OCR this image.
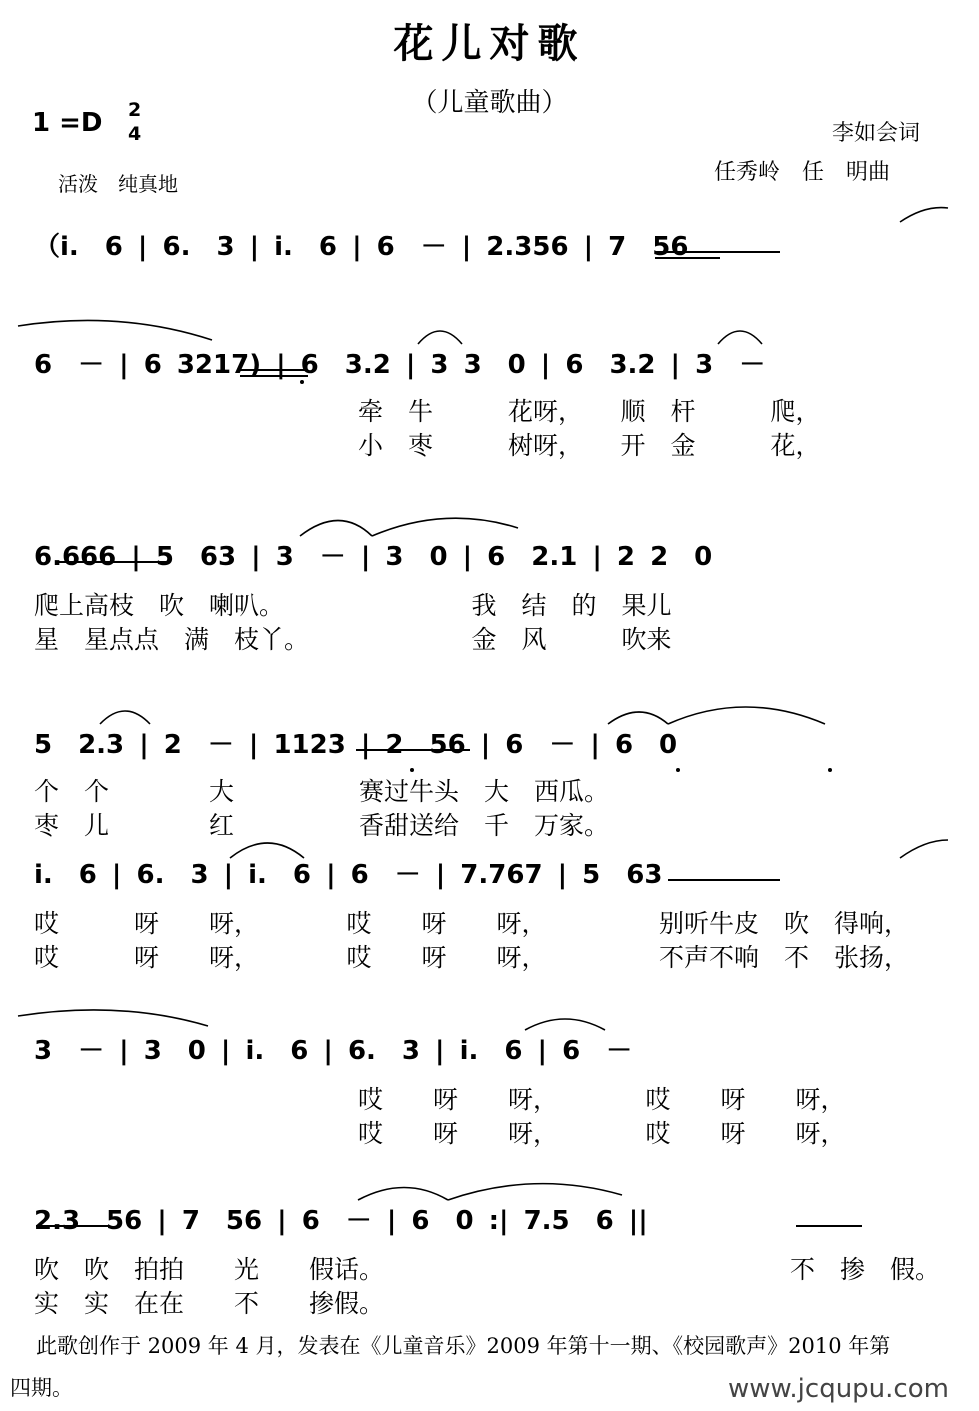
花儿对歌
（儿童歌曲）
1 =D 2
4
活泼　纯真地
李如会词
任秀岭　任　明曲
（i.　6 | 6.　3 | i.　6 | 6　－ | 2.356 | 7　56
6　－ | 6 3217) | 6　3.2 | 3 3　0 | 6　3.2 | 3　－
牵　牛　　　花呀，　　顺　杆　　　爬，
小　枣　　　树呀，　　开　金　　　花，
6.666 | 5　63 | 3　－ | 3　0 | 6　2.1 | 2 2　0
爬上高枝　吹　喇叭。　　　　　　　　我　结　的　果儿
星　星点点　满　枝丫。　　　　　　　金　风　　　吹来
5　2.3 | 2　－ | 1123 | 2　56 | 6　－ | 6　0
个　个　　　　大　　　　　赛过牛头　大　西瓜。
枣　儿　　　　红　　　　　香甜送给　千　万家。
i.　6 | 6.　3 | i.　6 | 6　－ | 7.767 | 5　63
哎　　　呀　　呀，　　　　哎　　呀　　呀，　　　　　别听牛皮　吹　得响，
哎　　　呀　　呀，　　　　哎　　呀　　呀，　　　　　不声不响　不　张扬，
3　－ | 3　0 | i.　6 | 6.　3 | i.　6 | 6　－
哎　　呀　　呀，　　　　哎　　呀　　呀，
哎　　呀　　呀，　　　　哎　　呀　　呀，
2.3　56 | 7　56 | 6　－ | 6　0 :| 7.5　6 ||
吹　吹　拍拍　　光　　假话。
实　实　在在　　不　　掺假。
不　掺　假。
此歌创作于 2009 年 4 月，发表在《儿童音乐》2009 年第十一期、《校园歌声》2010 年第
四期。	www.jcqupu.com
